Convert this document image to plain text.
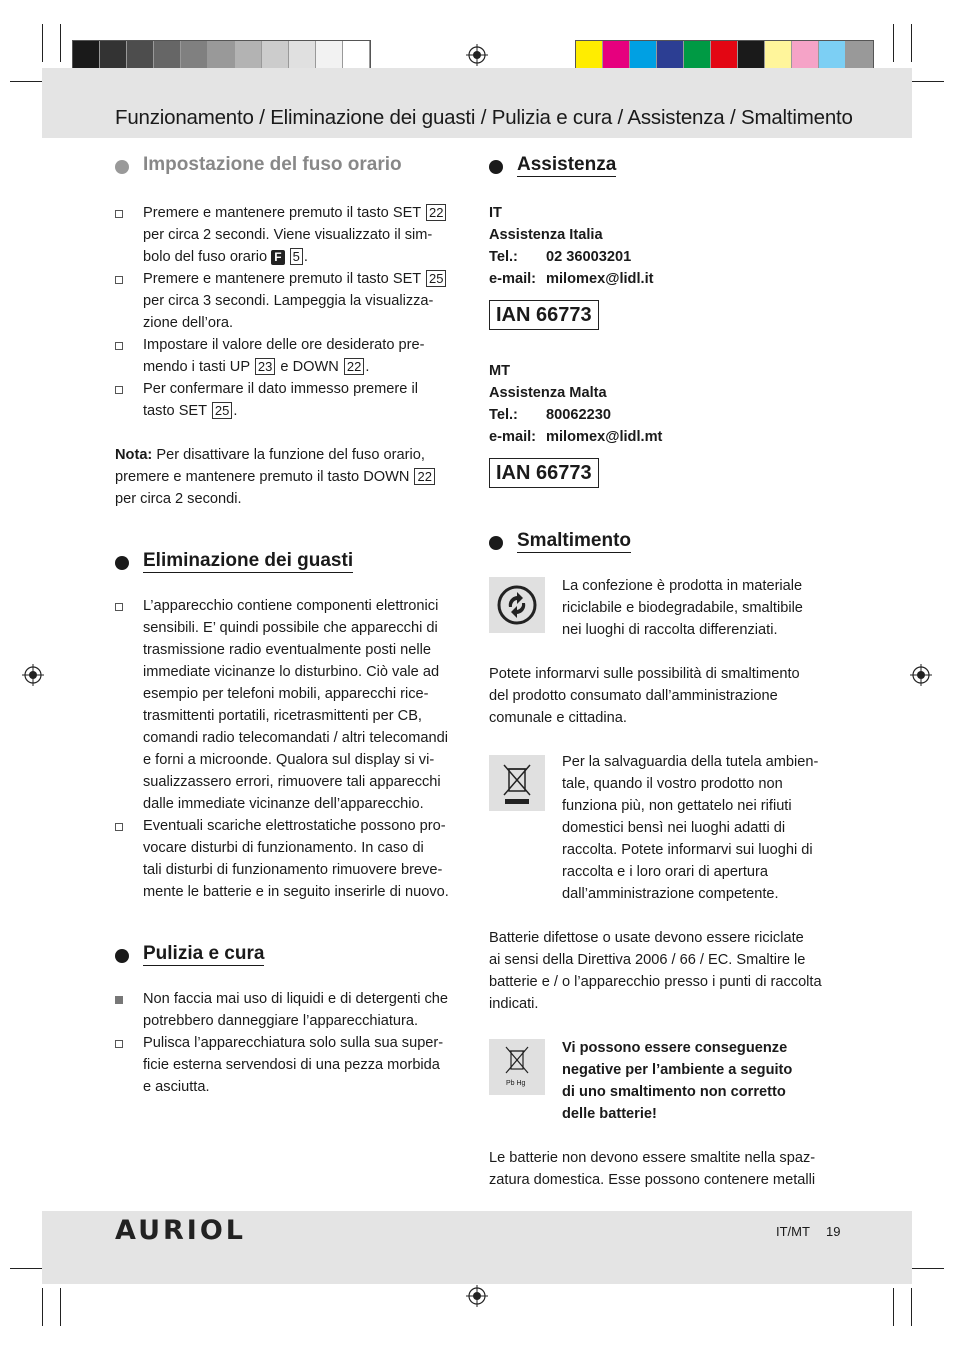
Funzionamento / Eliminazione dei guasti / Pulizia e cura / Assistenza / Smaltimento
Impostazione del fuso orario
Premere e mantenere premuto il tasto SET 22
per circa 2 secondi. Viene visualizzato il sim-
bolo del fuso orario F 5 .
Premere e mantenere premuto il tasto SET 25
per circa 3 secondi. Lampeggia la visualizza-
zione dell’ora.
Impostare il valore delle ore desiderato pre-
mendo i tasti UP 23 e DOWN 22 .
Per confermare il dato immesso premere il
tasto SET 25 .
Nota: Per disattivare la funzione del fuso orario,
premere e mantenere premuto il tasto DOWN 22
per circa 2 secondi.
Eliminazione dei guasti
L’apparecchio contiene componenti elettronici
sensibili. E’ quindi possibile che apparecchi di
trasmissione radio eventualmente posti nelle
immediate vicinanze lo disturbino. Ciò vale ad
esempio per telefoni mobili, apparecchi rice-
trasmittenti portatili, ricetrasmittenti per CB,
comandi radio telecomandati / altri telecomandi
e forni a microonde. Qualora sul display si vi-
sualizzassero errori, rimuovere tali apparecchi
dalle immediate vicinanze dell’apparecchio.
Eventuali scariche elettrostatiche possono pro-
vocare disturbi di funzionamento. In caso di
tali disturbi di funzionamento rimuovere breve-
mente le batterie e in seguito inserirle di nuovo.
Pulizia e cura
Non faccia mai uso di liquidi e di detergenti che
potrebbero danneggiare l’apparecchiatura.
Pulisca l’apparecchiatura solo sulla sua super-
ficie esterna servendosi di una pezza morbida
e asciutta.
Assistenza
IT
Assistenza Italia
Tel.:	02 36003201
e-mail: milomex@lidl.it
IAN 66773
MT
Assistenza Malta
Tel.:	80062230
e-mail: milomex@lidl.mt
IAN 66773
Smaltimento
La confezione è prodotta in materiale
riciclabile e biodegradabile, smaltibile
nei luoghi di raccolta differenziati.
Potete informarvi sulle possibilità di smaltimento
del prodotto consumato dall’amministrazione
comunale e cittadina.
Per la salvaguardia della tutela ambien-
tale, quando il vostro prodotto non
funziona più, non gettatelo nei rifiuti
domestici bensì nei luoghi adatti di
raccolta. Potete informarvi sui luoghi di
raccolta e i loro orari di apertura
dall’amministrazione competente.
Batterie difettose o usate devono essere riciclate
ai sensi della Direttiva 2006 / 66 / EC. Smaltire le
batterie e / o l’apparecchio presso i punti di raccolta
indicati.
Pb Hg
Vi possono essere conseguenze
negative per l’ambiente a seguito
di uno smaltimento non corretto
delle batterie!
Le batterie non devono essere smaltite nella spaz-
zatura domestica. Esse possono contenere metalli
AURIOL	IT/MT 19
